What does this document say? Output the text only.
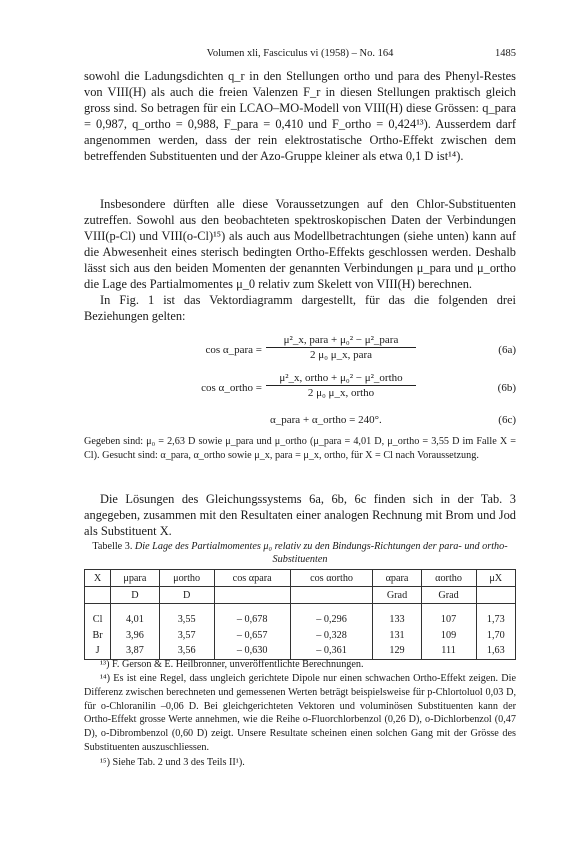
Volumen xli, Fasciculus vi (1958) – No. 164	1485
sowohl die Ladungsdichten q_r in den Stellungen ortho und para des Phenyl-Restes von VIII(H) als auch die freien Valenzen F_r in diesen Stellungen praktisch gleich gross sind. So betragen für ein LCAO–MO-Modell von VIII(H) diese Grössen: q_para = 0,987, q_ortho = 0,988, F_para = 0,410 und F_ortho = 0,424¹³). Ausserdem darf angenommen werden, dass der rein elektrostatische Ortho-Effekt zwischen dem betreffenden Substituenten und der Azo-Gruppe kleiner als etwa 0,1 D ist¹⁴).
Insbesondere dürften alle diese Voraussetzungen auf den Chlor-Substituenten zutreffen. Sowohl aus den beobachteten spektroskopischen Daten der Verbindungen VIII(p-Cl) und VIII(o-Cl)¹⁵) als auch aus Modellbetrachtungen (siehe unten) kann auf die Abwesenheit eines sterisch bedingten Ortho-Effekts geschlossen werden. Deshalb lässt sich aus den beiden Momenten der genannten Verbindungen μ_para und μ_ortho die Lage des Partialmomentes μ_0 relativ zum Skelett von VIII(H) berechnen.
In Fig. 1 ist das Vektordiagramm dargestellt, für das die folgenden drei Beziehungen gelten:
cos α_para =
μ²_x, para + μ₀² − μ²_para
2 μ₀ μ_x, para	(6a)
cos α_ortho =
μ²_x, ortho + μ₀² − μ²_ortho
2 μ₀ μ_x, ortho	(6b)
α_para + α_ortho = 240°.	(6c)
Gegeben sind: μ₀ = 2,63 D sowie μ_para und μ_ortho (μ_para = 4,01 D, μ_ortho = 3,55 D im Falle X = Cl). Gesucht sind: α_para, α_ortho sowie μ_x, para = μ_x, ortho, für X = Cl nach Voraussetzung.
Die Lösungen des Gleichungssystems 6a, 6b, 6c finden sich in der Tab. 3 angegeben, zusammen mit den Resultaten einer analogen Rechnung mit Brom und Jod als Substituent X.
Tabelle 3. Die Lage des Partialmomentes μ₀ relativ zu den Bindungs-Richtungen der para- und ortho-Substituenten
X	μpara	μortho	cos αpara	cos αortho	αpara	αortho	μX
	D	D			Grad	Grad	

Cl	4,01	3,55	– 0,678	– 0,296	133	107	1,73
Br	3,96	3,57	– 0,657	– 0,328	131	109	1,70
J	3,87	3,56	– 0,630	– 0,361	129	111	1,63
¹³) F. Gerson & E. Heilbronner, unveröffentlichte Berechnungen.
¹⁴) Es ist eine Regel, dass ungleich gerichtete Dipole nur einen schwachen Ortho-Effekt zeigen. Die Differenz zwischen berechneten und gemessenen Werten beträgt beispielsweise für p-Chlortoluol 0,03 D, für o-Chloranilin –0,06 D. Bei gleichgerichteten Vektoren und voluminösen Substituenten kann der Ortho-Effekt grosse Werte annehmen, wie die Reihe o-Fluorchlorbenzol (0,26 D), o-Dichlorbenzol (0,47 D), o-Dibrombenzol (0,60 D) zeigt. Unsere Resultate scheinen einen solchen Gang mit der Grösse des Substituenten auszuschliessen.
¹⁵) Siehe Tab. 2 und 3 des Teils II¹).
